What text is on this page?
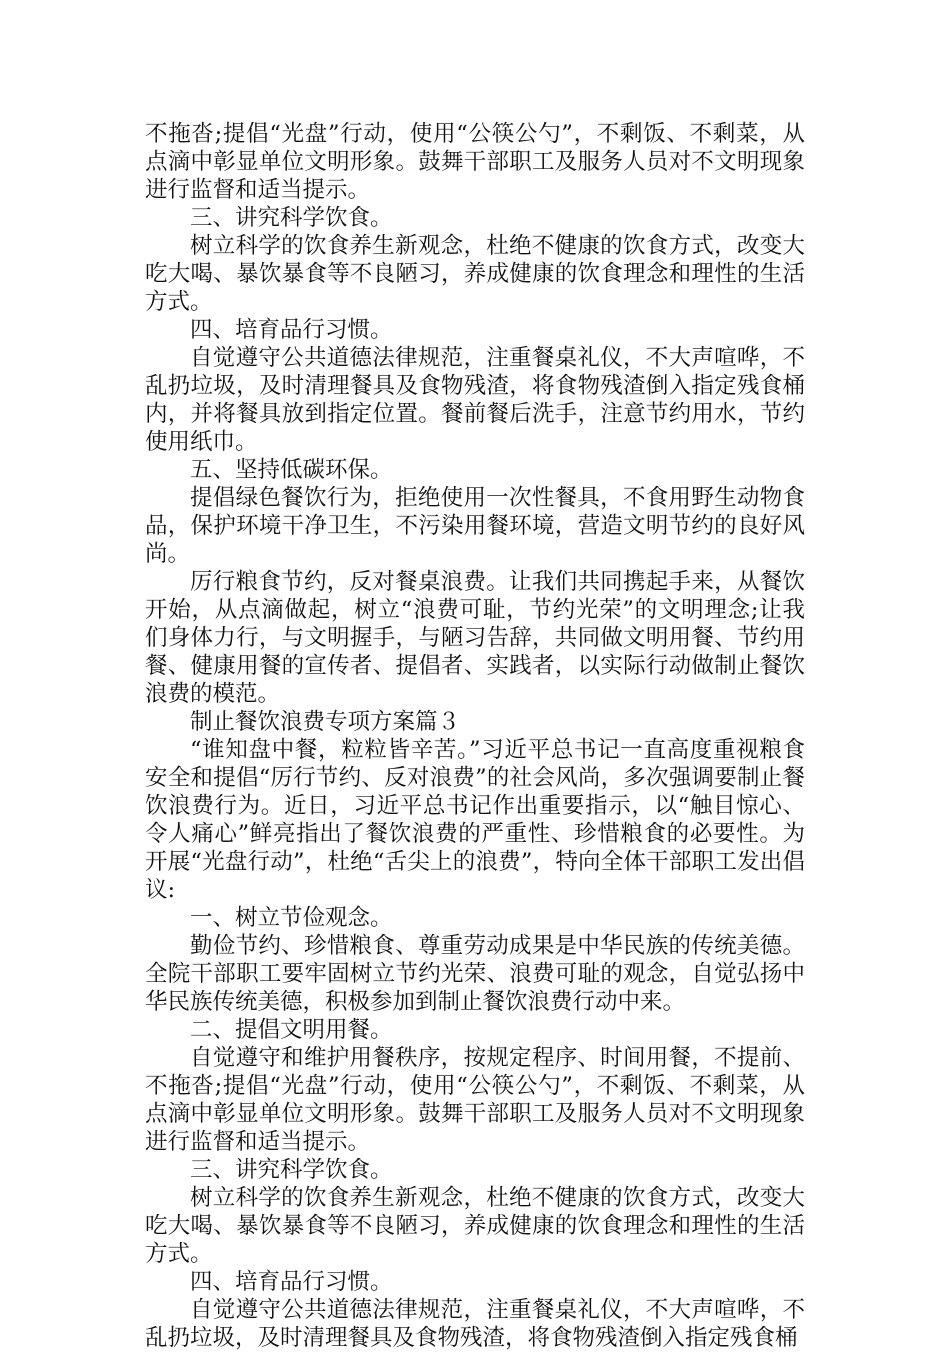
不拖沓;提倡“光盘”行动，使用“公筷公勺”，不剩饭、不剩菜，从点滴中彰显单位文明形象。鼓舞干部职工及服务人员对不文明现象进行监督和适当提示。

三、讲究科学饮食。

树立科学的饮食养生新观念，杜绝不健康的饮食方式，改变大吃大喝、暴饮暴食等不良陋习，养成健康的饮食理念和理性的生活方式。

四、培育品行习惯。

自觉遵守公共道德法律规范，注重餐桌礼仪，不大声喧哗，不乱扔垃圾，及时清理餐具及食物残渣，将食物残渣倒入指定残食桶内，并将餐具放到指定位置。餐前餐后洗手，注意节约用水，节约使用纸巾。

五、坚持低碳环保。

提倡绿色餐饮行为，拒绝使用一次性餐具，不食用野生动物食品，保护环境干净卫生，不污染用餐环境，营造文明节约的良好风尚。

厉行粮食节约，反对餐桌浪费。让我们共同携起手来，从餐饮开始，从点滴做起，树立“浪费可耻，节约光荣”的文明理念;让我们身体力行，与文明握手，与陋习告辞，共同做文明用餐、节约用餐、健康用餐的宣传者、提倡者、实践者，以实际行动做制止餐饮浪费的模范。

制止餐饮浪费专项方案篇３

“谁知盘中餐，粒粒皆辛苦。”习近平总书记一直高度重视粮食安全和提倡“厉行节约、反对浪费”的社会风尚，多次强调要制止餐饮浪费行为。近日，习近平总书记作出重要指示，以“触目惊心、令人痛心”鲜亮指出了餐饮浪费的严重性、珍惜粮食的必要性。为开展“光盘行动”，杜绝“舌尖上的浪费”，特向全体干部职工发出倡议:

一、树立节俭观念。

勤俭节约、珍惜粮食、尊重劳动成果是中华民族的传统美德。全院干部职工要牢固树立节约光荣、浪费可耻的观念，自觉弘扬中华民族传统美德，积极参加到制止餐饮浪费行动中来。

二、提倡文明用餐。

自觉遵守和维护用餐秩序，按规定程序、时间用餐，不提前、不拖沓;提倡“光盘”行动，使用“公筷公勺”，不剩饭、不剩菜，从点滴中彰显单位文明形象。鼓舞干部职工及服务人员对不文明现象进行监督和适当提示。

三、讲究科学饮食。

树立科学的饮食养生新观念，杜绝不健康的饮食方式，改变大吃大喝、暴饮暴食等不良陋习，养成健康的饮食理念和理性的生活方式。

四、培育品行习惯。

自觉遵守公共道德法律规范，注重餐桌礼仪，不大声喧哗，不乱扔垃圾，及时清理餐具及食物残渣，将食物残渣倒入指定残食桶
